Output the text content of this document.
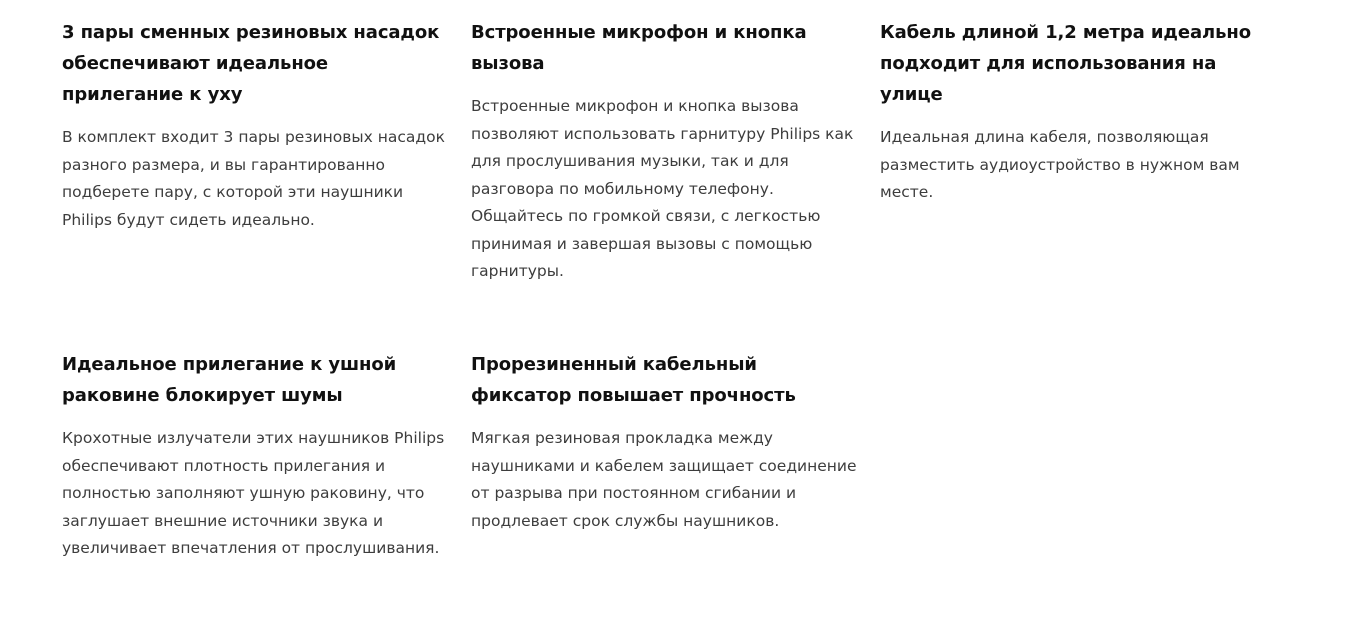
3 пары сменных резиновых насадок обеспечивают идеальное прилегание к уху

В комплект входит 3 пары резиновых насадок разного размера, и вы гарантированно подберете пару, с которой эти наушники Philips будут сидеть идеально.

Встроенные микрофон и кнопка вызова

Встроенные микрофон и кнопка вызова позволяют использовать гарнитуру Philips как для прослушивания музыки, так и для разговора по мобильному телефону. Общайтесь по громкой связи, с легкостью принимая и завершая вызовы с помощью гарнитуры.

Кабель длиной 1,2 метра идеально подходит для использования на улице

Идеальная длина кабеля, позволяющая разместить аудиоустройство в нужном вам месте.

Идеальное прилегание к ушной раковине блокирует шумы

Крохотные излучатели этих наушников Philips обеспечивают плотность прилегания и полностью заполняют ушную раковину, что заглушает внешние источники звука и увеличивает впечатления от прослушивания.

Прорезиненный кабельный фиксатор повышает прочность

Мягкая резиновая прокладка между наушниками и кабелем защищает соединение от разрыва при постоянном сгибании и продлевает срок службы наушников.
